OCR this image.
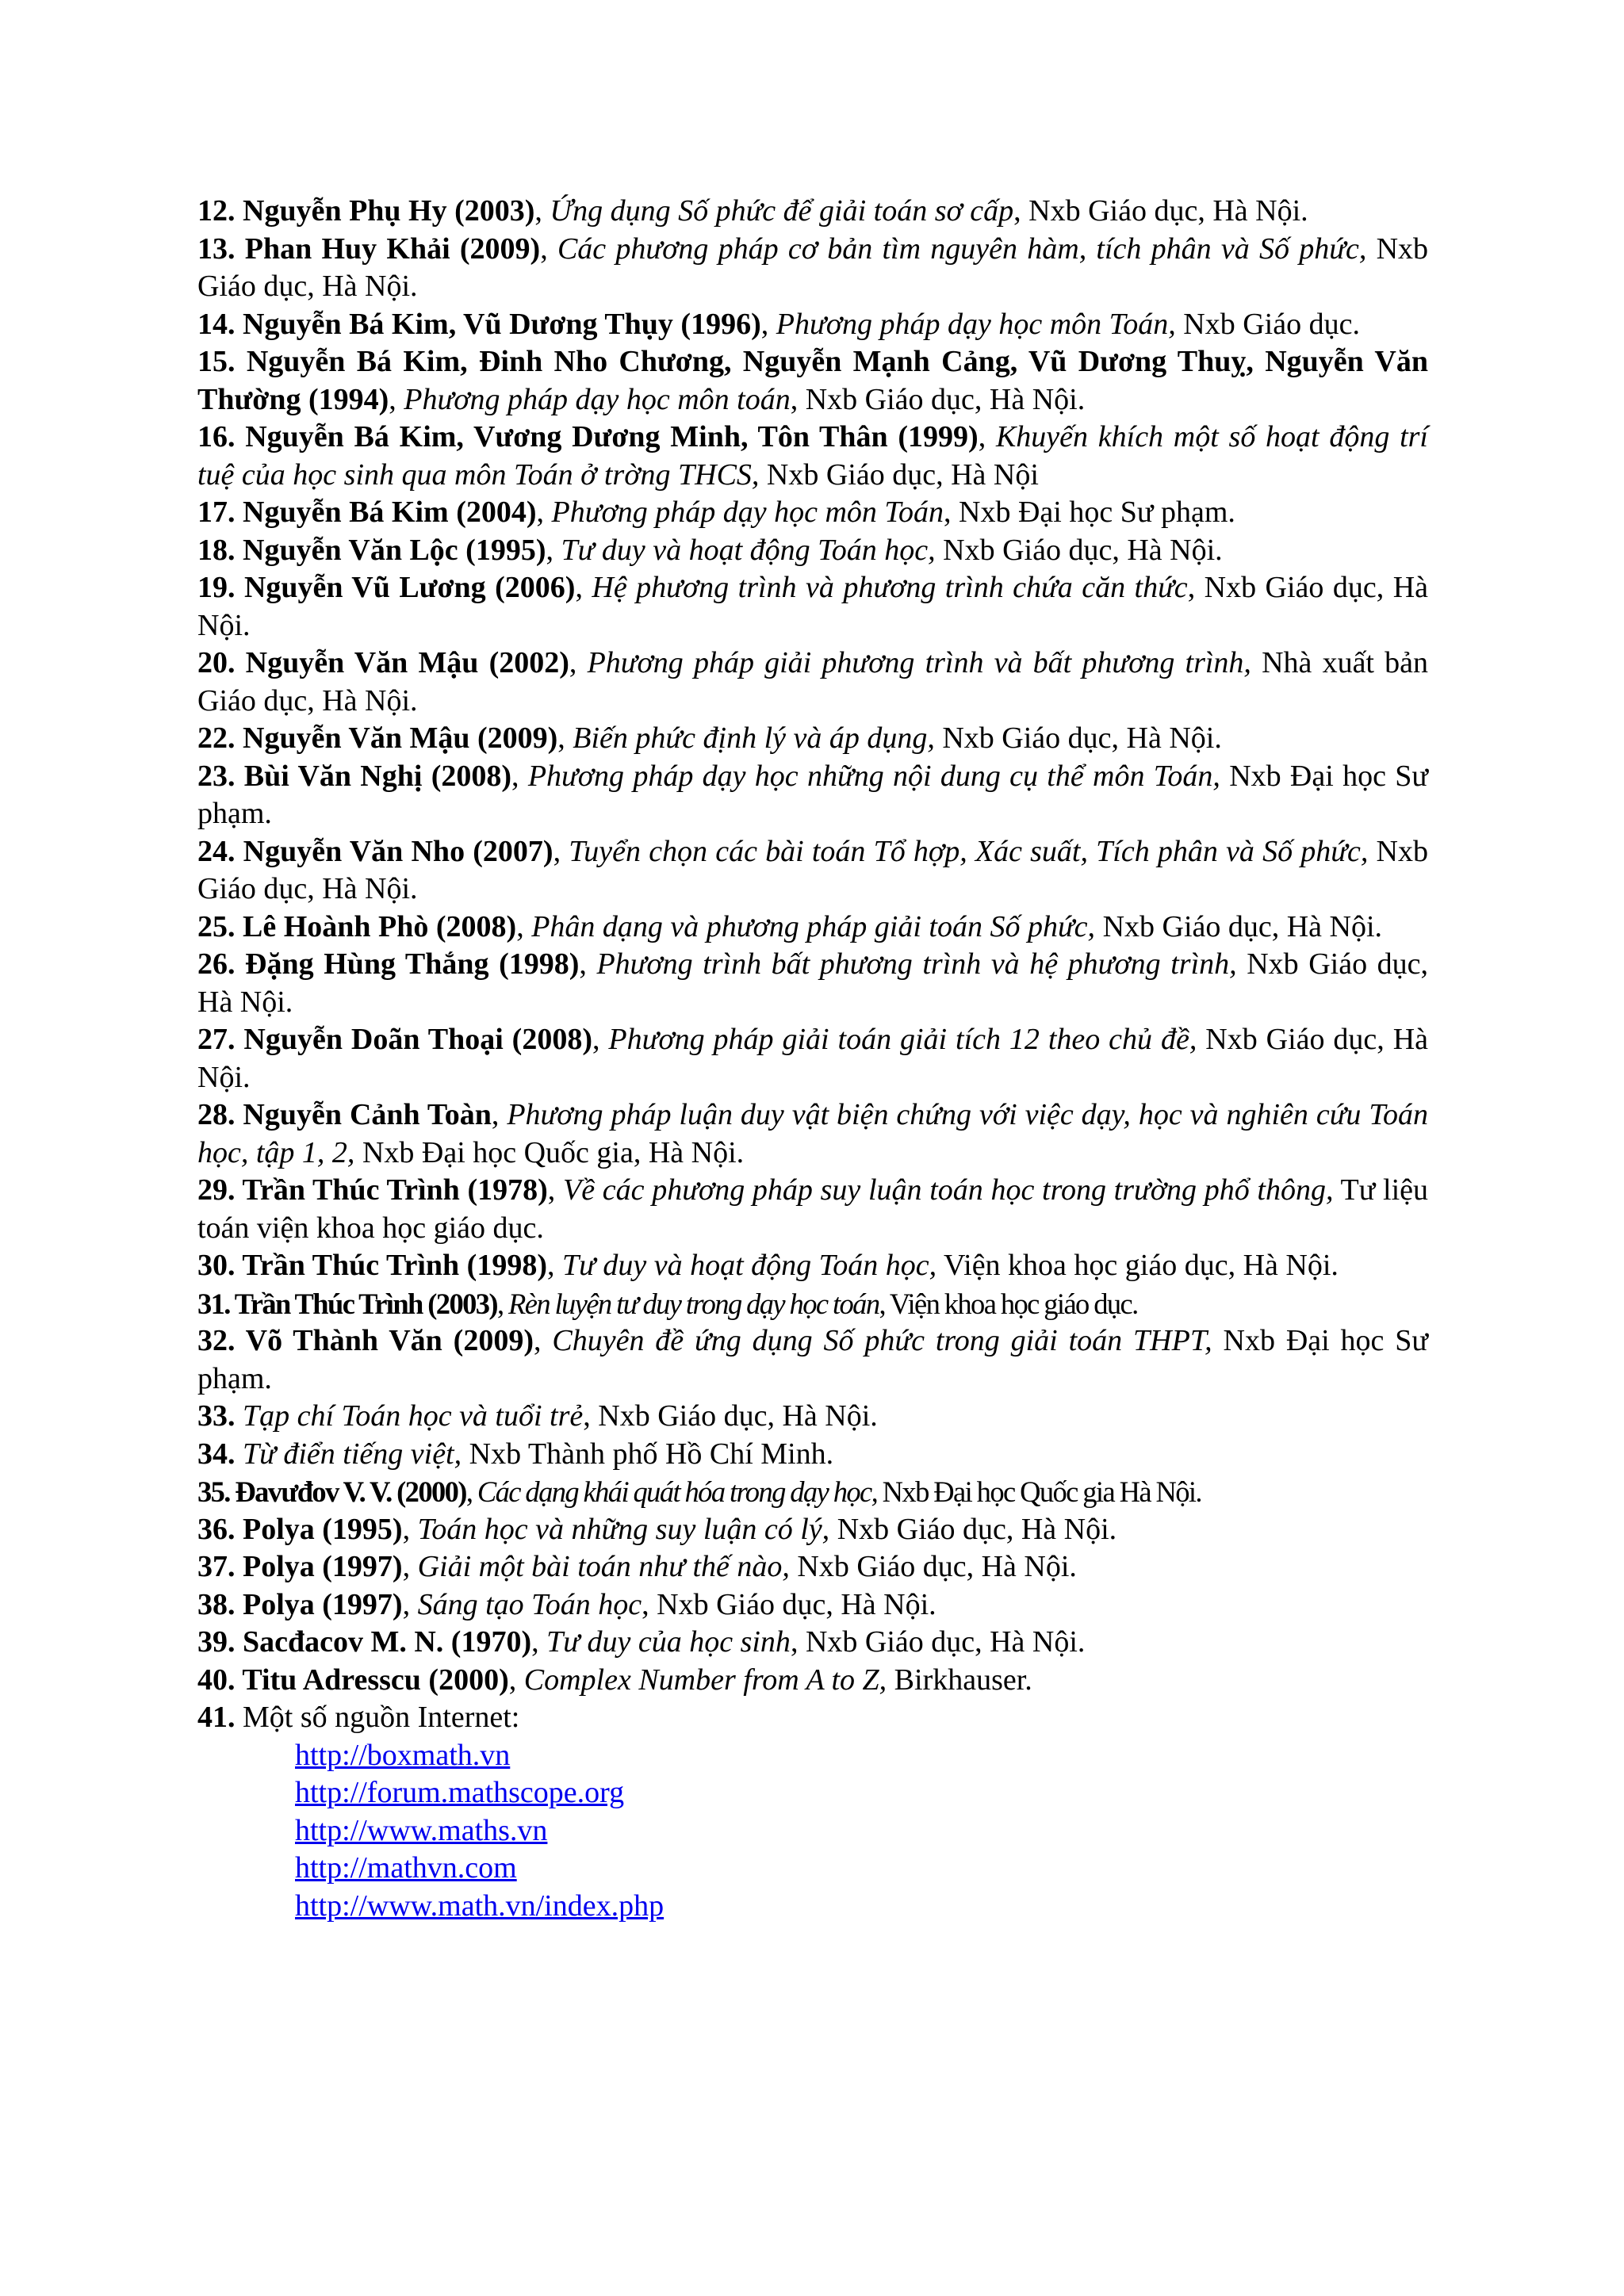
12. Nguyễn Phụ Hy (2003), Ứng dụng Số phức để giải toán sơ cấp, Nxb Giáo dục, Hà Nội.

13. Phan Huy Khải (2009), Các phương pháp cơ bản tìm nguyên hàm, tích phân và Số phức, Nxb Giáo dục, Hà Nội.

14. Nguyễn Bá Kim, Vũ Dương Thụy (1996), Phương pháp dạy học môn Toán, Nxb Giáo dục.

15. Nguyễn Bá Kim, Đinh Nho Chương, Nguyễn Mạnh Cảng, Vũ Dương Thuỵ, Nguyễn Văn Thường (1994), Phương pháp dạy học môn toán, Nxb Giáo dục, Hà Nội.

16. Nguyễn Bá Kim, Vương Dương Minh, Tôn Thân (1999), Khuyến khích một số hoạt động trí tuệ của học sinh qua môn Toán ở trờng THCS, Nxb Giáo dục, Hà Nội

17. Nguyễn Bá Kim (2004), Phương pháp dạy học môn Toán, Nxb Đại học Sư phạm.

18. Nguyễn Văn Lộc (1995), Tư duy và hoạt động Toán học, Nxb Giáo dục, Hà Nội.

19. Nguyễn Vũ Lương (2006), Hệ phương trình và phương trình chứa căn thức, Nxb Giáo dục, Hà Nội.

20. Nguyễn Văn Mậu (2002), Phương pháp giải phương trình và bất phương trình, Nhà xuất bản Giáo dục, Hà Nội.

22. Nguyễn Văn Mậu (2009), Biến phức định lý và áp dụng, Nxb Giáo dục, Hà Nội.

23. Bùi Văn Nghị (2008), Phương pháp dạy học những nội dung cụ thể môn Toán, Nxb Đại học Sư phạm.

24. Nguyễn Văn Nho (2007), Tuyển chọn các bài toán Tổ hợp, Xác suất, Tích phân và Số phức, Nxb Giáo dục, Hà Nội.

25. Lê Hoành Phò (2008), Phân dạng và phương pháp giải toán Số phức, Nxb Giáo dục, Hà Nội.

26. Đặng Hùng Thắng (1998), Phương trình bất phương trình và hệ phương trình, Nxb Giáo dục, Hà Nội.

27. Nguyễn Doãn Thoại (2008), Phương pháp giải toán giải tích 12 theo chủ đề, Nxb Giáo dục, Hà Nội.

28. Nguyễn Cảnh Toàn, Phương pháp luận duy vật biện chứng với việc dạy, học và nghiên cứu Toán học, tập 1, 2, Nxb Đại học Quốc gia, Hà Nội.

29. Trần Thúc Trình (1978), Về các phương pháp suy luận toán học trong trường phổ thông, Tư liệu toán viện khoa học giáo dục.

30. Trần Thúc Trình (1998), Tư duy và hoạt động Toán học, Viện khoa học giáo dục, Hà Nội.

31. Trần Thúc Trình (2003), Rèn luyện tư duy trong dạy học toán, Viện khoa học giáo dục.

32. Võ Thành Văn (2009), Chuyên đề ứng dụng Số phức trong giải toán THPT, Nxb Đại học Sư phạm.

33. Tạp chí Toán học và tuổi trẻ, Nxb Giáo dục, Hà Nội.

34. Từ điển tiếng việt, Nxb Thành phố Hồ Chí Minh.

35. Đavưđov V. V. (2000), Các dạng khái quát hóa trong dạy học, Nxb Đại học Quốc gia Hà Nội.

36. Polya (1995), Toán học và những suy luận có lý, Nxb Giáo dục, Hà Nội.

37. Polya (1997), Giải một bài toán như thế nào, Nxb Giáo dục, Hà Nội.

38. Polya (1997), Sáng tạo Toán học, Nxb Giáo dục, Hà Nội.

39. Sacđacov M. N. (1970), Tư duy của học sinh, Nxb Giáo dục, Hà Nội.

40. Titu Adresscu (2000), Complex Number from A to Z, Birkhauser.

41. Một số nguồn Internet:

http://boxmath.vn
http://forum.mathscope.org
http://www.maths.vn
http://mathvn.com
http://www.math.vn/index.php
